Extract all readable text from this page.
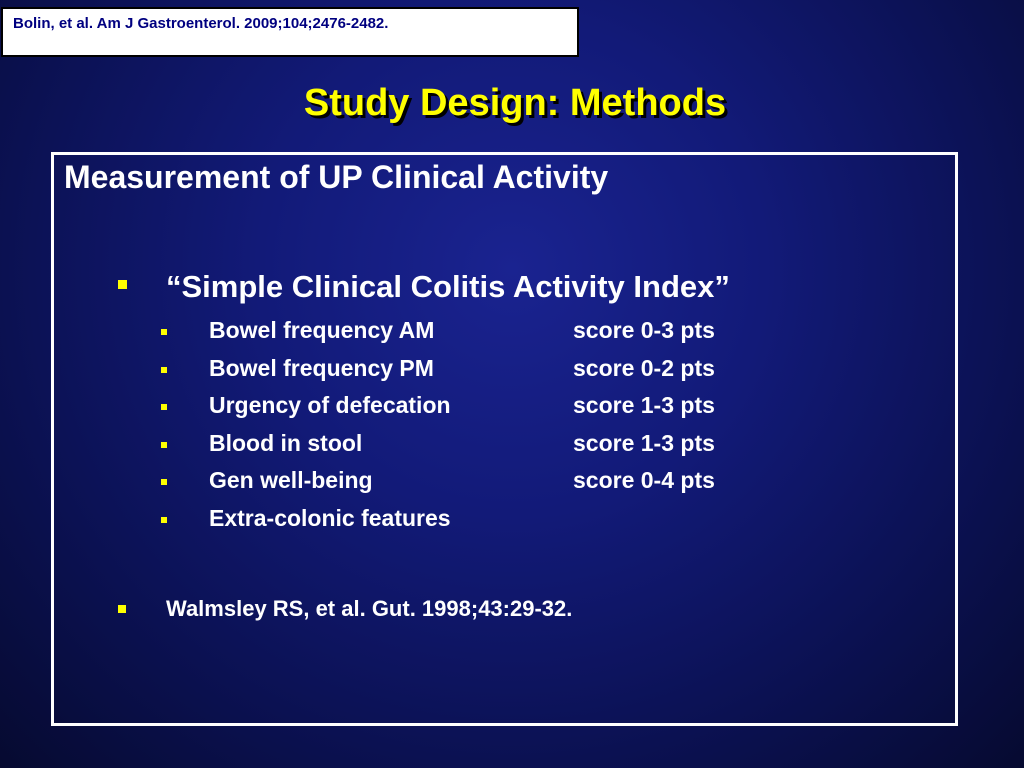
Bolin, et al. Am J Gastroenterol. 2009;104;2476-2482.
Study Design: Methods
Measurement of UP Clinical Activity
“Simple Clinical Colitis Activity Index”
Bowel frequency AM	score 0-3 pts
Bowel frequency PM	score 0-2 pts
Urgency of defecation	score 1-3 pts
Blood in stool	score 1-3 pts
Gen well-being	score 0-4 pts
Extra-colonic features
Walmsley RS, et al. Gut. 1998;43:29-32.
